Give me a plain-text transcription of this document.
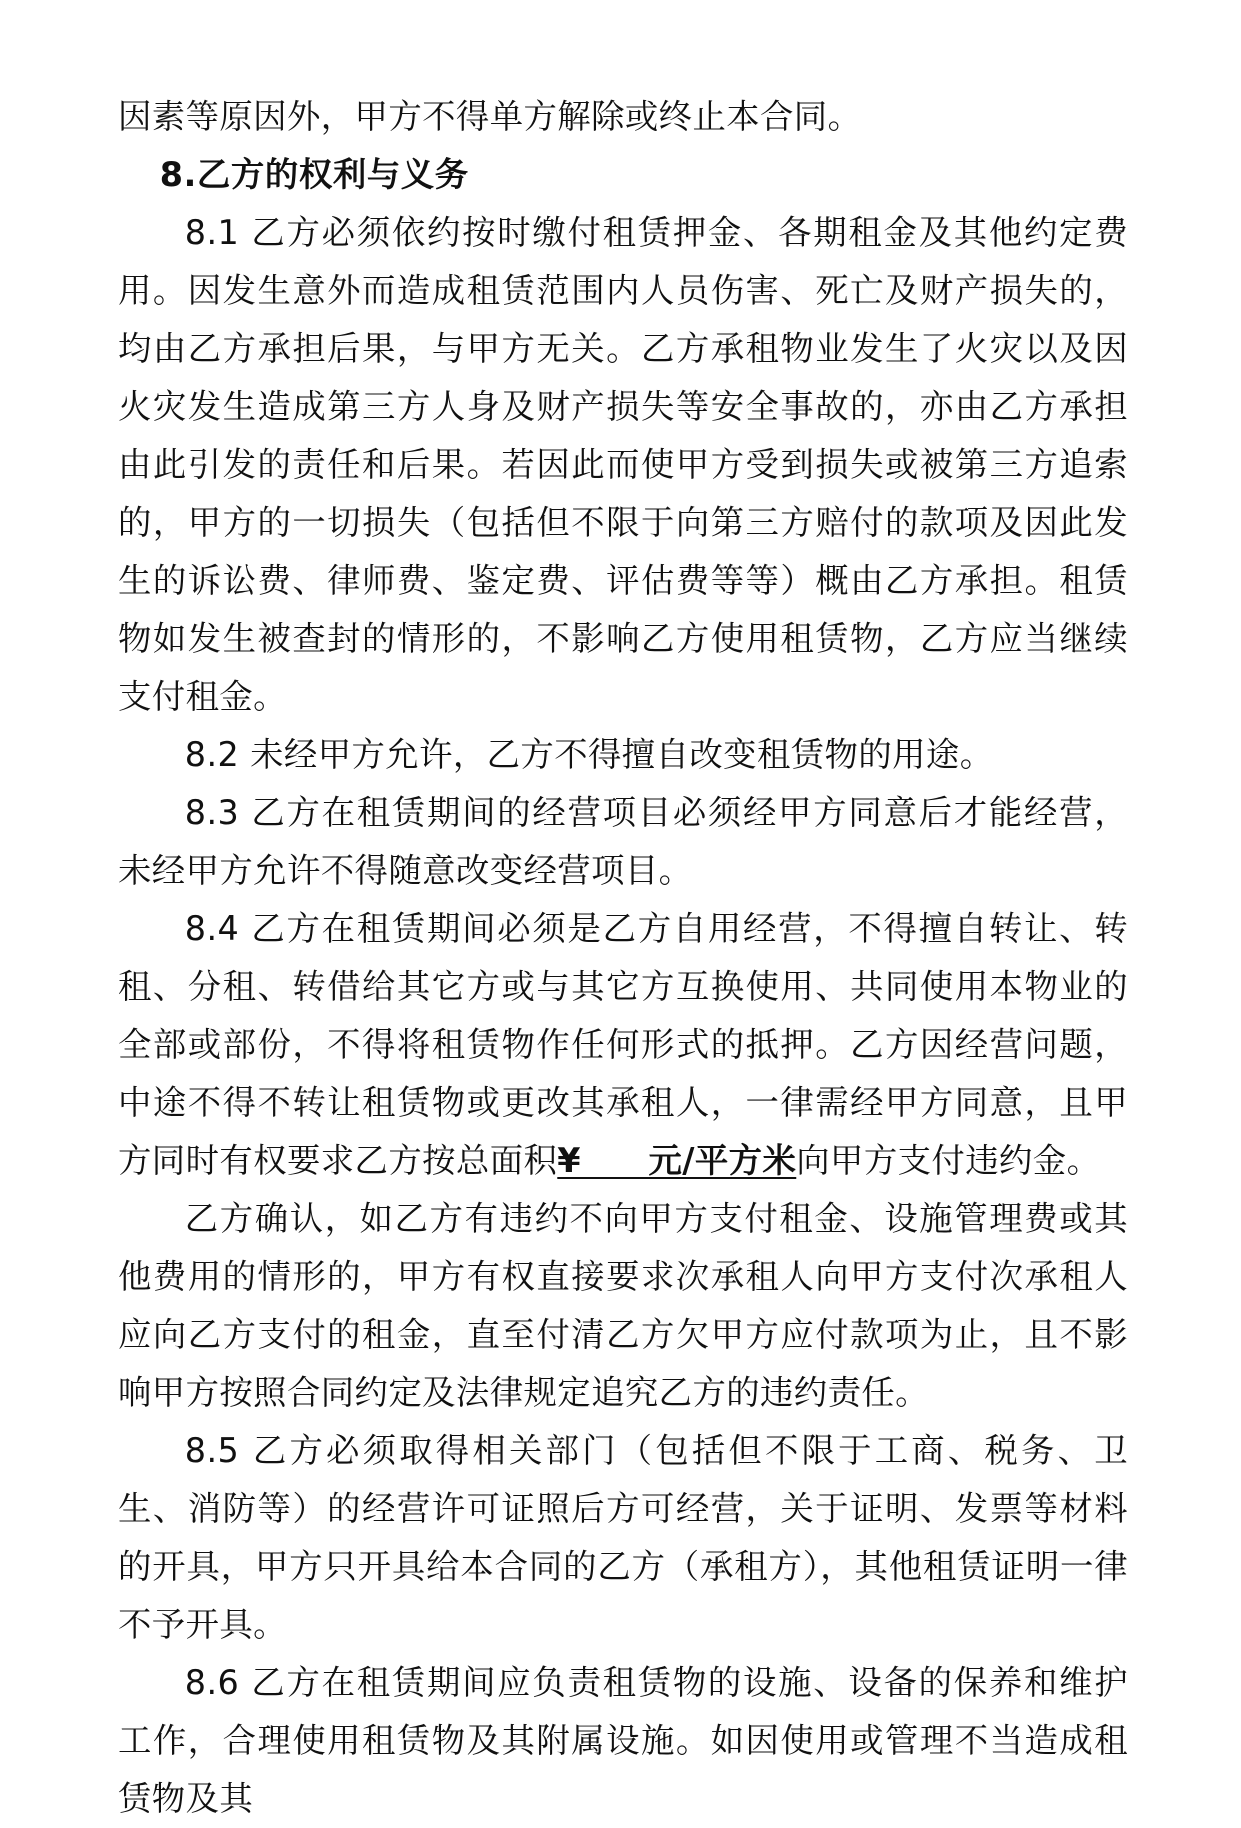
因素等原因外，甲方不得单方解除或终止本合同。

8.乙方的权利与义务

8.1 乙方必须依约按时缴付租赁押金、各期租金及其他约定费用。因发生意外而造成租赁范围内人员伤害、死亡及财产损失的，均由乙方承担后果，与甲方无关。乙方承租物业发生了火灾以及因火灾发生造成第三方人身及财产损失等安全事故的，亦由乙方承担由此引发的责任和后果。若因此而使甲方受到损失或被第三方追索的，甲方的一切损失（包括但不限于向第三方赔付的款项及因此发生的诉讼费、律师费、鉴定费、评估费等等）概由乙方承担。租赁物如发生被查封的情形的，不影响乙方使用租赁物，乙方应当继续支付租金。

8.2 未经甲方允许，乙方不得擅自改变租赁物的用途。

8.3 乙方在租赁期间的经营项目必须经甲方同意后才能经营，未经甲方允许不得随意改变经营项目。

8.4 乙方在租赁期间必须是乙方自用经营，不得擅自转让、转租、分租、转借给其它方或与其它方互换使用、共同使用本物业的全部或部份，不得将租赁物作任何形式的抵押。乙方因经营问题，中途不得不转让租赁物或更改其承租人，一律需经甲方同意，且甲方同时有权要求乙方按总面积¥　　元/平方米向甲方支付违约金。

乙方确认，如乙方有违约不向甲方支付租金、设施管理费或其他费用的情形的，甲方有权直接要求次承租人向甲方支付次承租人应向乙方支付的租金，直至付清乙方欠甲方应付款项为止，且不影响甲方按照合同约定及法律规定追究乙方的违约责任。

8.5 乙方必须取得相关部门（包括但不限于工商、税务、卫生、消防等）的经营许可证照后方可经营，关于证明、发票等材料的开具，甲方只开具给本合同的乙方（承租方），其他租赁证明一律不予开具。

8.6 乙方在租赁期间应负责租赁物的设施、设备的保养和维护工作，合理使用租赁物及其附属设施。如因使用或管理不当造成租赁物及其
